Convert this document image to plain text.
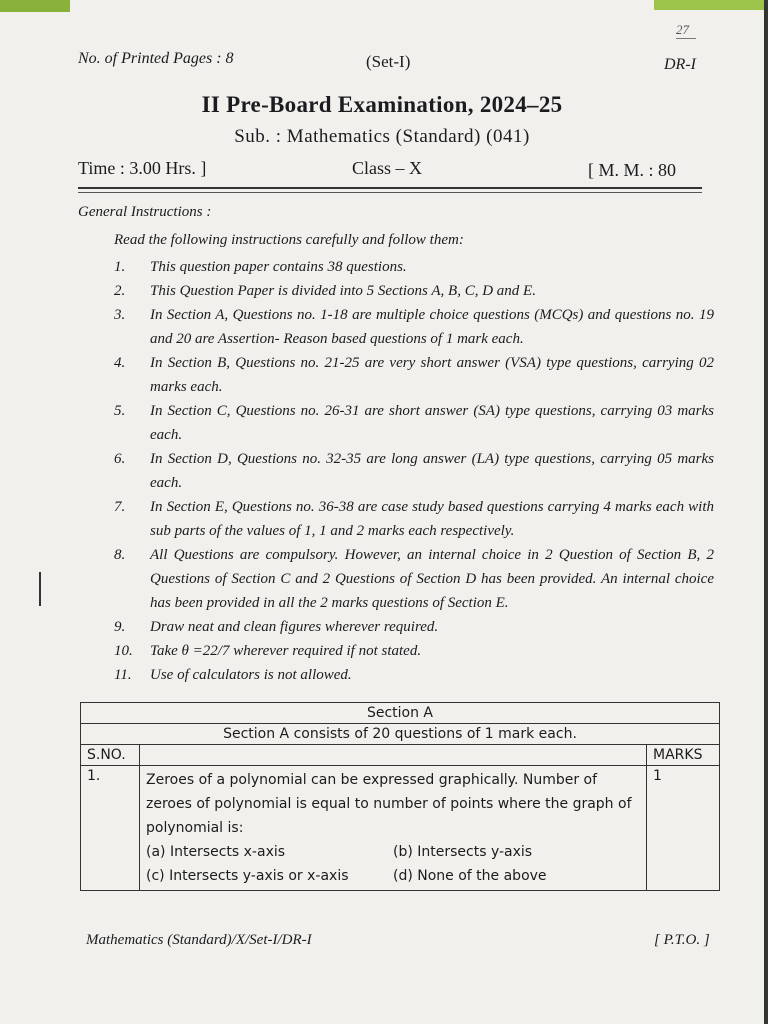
27
No. of Printed Pages : 8	(Set-I)	DR-I
II Pre-Board Examination, 2024–25
Sub. : Mathematics (Standard) (041)
Time : 3.00 Hrs. ]	Class – X	[ M. M. : 80
General Instructions :
Read the following instructions carefully and follow them:
1.	This question paper contains 38 questions.
2.	This Question Paper is divided into 5 Sections A, B, C, D and E.
3.	In Section A, Questions no. 1-18 are multiple choice questions (MCQs) and questions no. 19 and 20 are Assertion- Reason based questions of 1 mark each.
4.	In Section B, Questions no. 21-25 are very short answer (VSA) type questions, carrying 02 marks each.
5.	In Section C, Questions no. 26-31 are short answer (SA) type questions, carrying 03 marks each.
6.	In Section D, Questions no. 32-35 are long answer (LA) type questions, carrying 05 marks each.
7.	In Section E, Questions no. 36-38 are case study based questions carrying 4 marks each with sub parts of the values of 1, 1 and 2 marks each respectively.
8.	All Questions are compulsory. However, an internal choice in 2 Question of Section B, 2 Questions of Section C and 2 Questions of Section D has been provided. An internal choice has been provided in all the 2 marks questions of Section E.
9.	Draw neat and clean figures wherever required.
10.	Take θ =22/7 wherever required if not stated.
11.	Use of calculators is not allowed.
Section A		
Section A consists of 20 questions of 1 mark each.		
S.NO.		MARKS
1.	Zeroes of a polynomial can be expressed graphically. Number of zeroes of polynomial is equal to number of points where the graph of polynomial is:
(a) Intersects x-axis (b) Intersects y-axis
(c) Intersects y-axis or x-axis (d) None of the above	1
Mathematics (Standard)/X/Set-I/DR-I	[ P.T.O. ]
